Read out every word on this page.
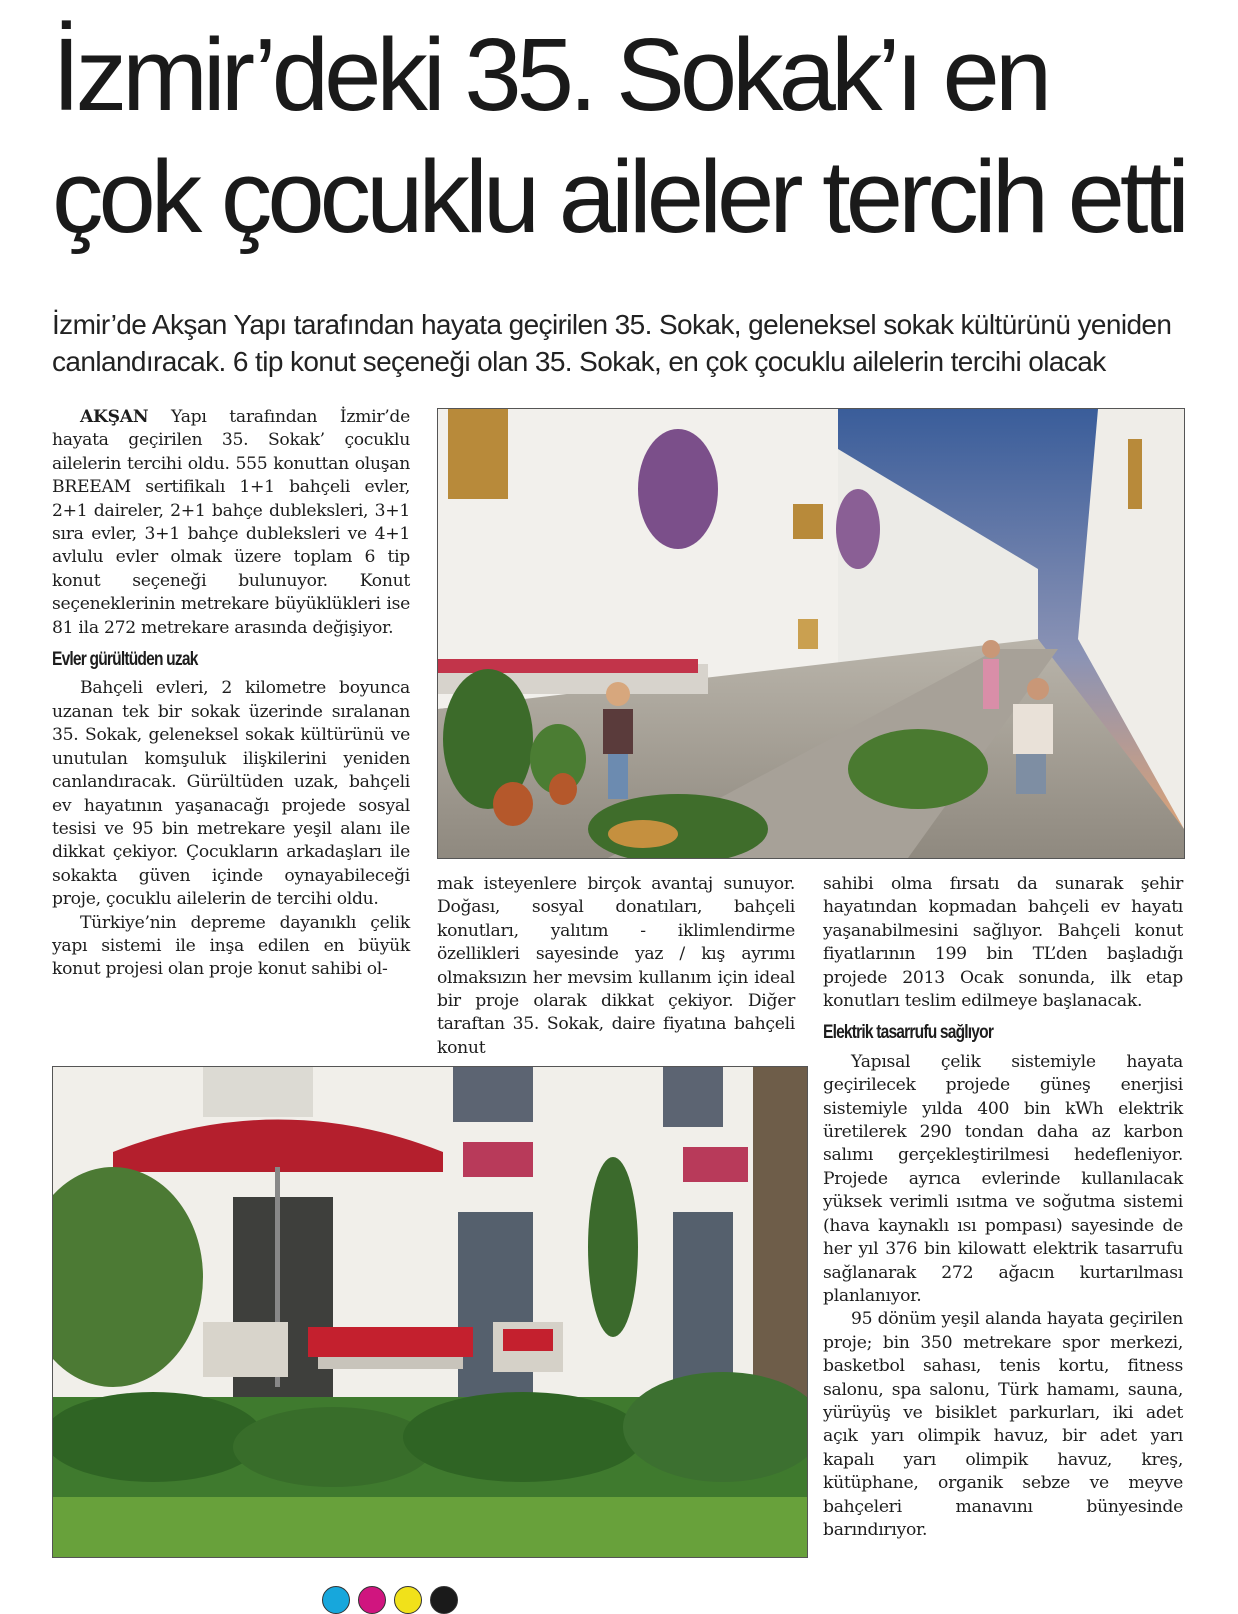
İzmir’deki 35. Sokak’ı en çok çocuklu aileler tercih etti

İzmir’de Akşan Yapı tarafından hayata geçirilen 35. Sokak, geleneksel sokak kültürünü yeniden canlandıracak. 6 tip konut seçeneği olan 35. Sokak, en çok çocuklu ailelerin tercihi olacak

AKŞAN Yapı tarafından İzmir’de hayata geçirilen 35. Sokak’ çocuklu ailelerin tercihi oldu. 555 konuttan oluşan BREEAM sertifikalı 1+1 bahçeli evler, 2+1 daireler, 2+1 bahçe dubleksleri, 3+1 sıra evler, 3+1 bahçe dubleksleri ve 4+1 avlulu evler olmak üzere toplam 6 tip konut seçeneği bulunuyor. Konut seçeneklerinin metrekare büyüklükleri ise 81 ila 272 metrekare arasında değişiyor.

Evler gürültüden uzak

Bahçeli evleri, 2 kilometre boyunca uzanan tek bir sokak üzerinde sıralanan 35. Sokak, geleneksel sokak kültürünü ve unutulan komşuluk ilişkilerini yeniden canlandıracak. Gürültüden uzak, bahçeli ev hayatının yaşanacağı projede sosyal tesisi ve 95 bin metrekare yeşil alanı ile dikkat çekiyor. Çocukların arkadaşları ile sokakta güven içinde oynayabileceği proje, çocuklu ailelerin de tercihi oldu.

Türkiye’nin depreme dayanıklı çelik yapı sistemi ile inşa edilen en büyük konut projesi olan proje konut sahibi ol-

mak isteyenlere birçok avantaj sunuyor. Doğası, sosyal donatıları, bahçeli konutları, yalıtım - iklimlendirme özellikleri sayesinde yaz / kış ayrımı olmaksızın her mevsim kullanım için ideal bir proje olarak dikkat çekiyor. Diğer taraftan 35. Sokak, daire fiyatına bahçeli konut

sahibi olma fırsatı da sunarak şehir hayatından kopmadan bahçeli ev hayatı yaşanabilmesini sağlıyor. Bahçeli konut fiyatlarının 199 bin TL’den başladığı projede 2013 Ocak sonunda, ilk etap konutları teslim edilmeye başlanacak.

Elektrik tasarrufu sağlıyor

Yapısal çelik sistemiyle hayata geçirilecek projede güneş enerjisi sistemiyle yılda 400 bin kWh elektrik üretilerek 290 tondan daha az karbon salımı gerçekleştirilmesi hedefleniyor. Projede ayrıca evlerinde kullanılacak yüksek verimli ısıtma ve soğutma sistemi (hava kaynaklı ısı pompası) sayesinde de her yıl 376 bin kilowatt elektrik tasarrufu sağlanarak 272 ağacın kurtarılması planlanıyor.

95 dönüm yeşil alanda hayata geçirilen proje; bin 350 metrekare spor merkezi, basketbol sahası, tenis kortu, fitness salonu, spa salonu, Türk hamamı, sauna, yürüyüş ve bisiklet parkurları, iki adet açık yarı olimpik havuz, bir adet yarı kapalı yarı olimpik havuz, kreş, kütüphane, organik sebze ve meyve bahçeleri manavını bünyesinde barındırıyor.
